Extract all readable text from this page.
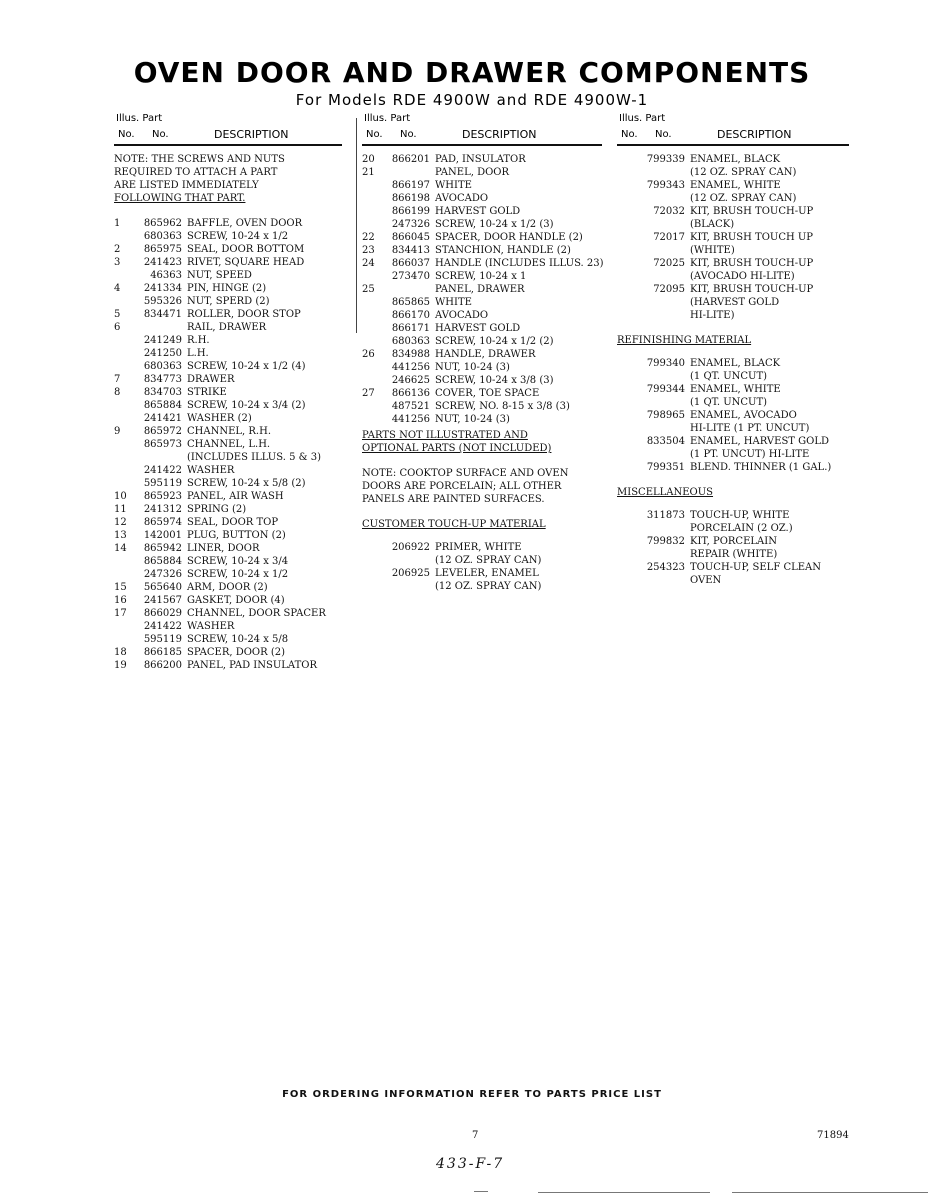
OVEN DOOR AND DRAWER COMPONENTS
For Models RDE 4900W and RDE 4900W-1
Illus. Part
No. No.	DESCRIPTION
NOTE: THE SCREWS AND NUTS
REQUIRED TO ATTACH A PART
ARE LISTED IMMEDIATELY
FOLLOWING THAT PART.
1	865962 BAFFLE, OVEN DOOR
680363 SCREW, 10-24 x 1/2
2	865975 SEAL, DOOR BOTTOM
3	241423 RIVET, SQUARE HEAD
46363 NUT, SPEED
4	241334 PIN, HINGE (2)
595326 NUT, SPERD (2)
5	834471 ROLLER, DOOR STOP
6	RAIL, DRAWER
241249 R.H.
241250 L.H.
680363 SCREW, 10-24 x 1/2 (4)
7	834773 DRAWER
8	834703 STRIKE
865884 SCREW, 10-24 x 3/4 (2)
241421 WASHER (2)
9	865972 CHANNEL, R.H.
865973 CHANNEL, L.H.
(INCLUDES ILLUS. 5 & 3)
241422 WASHER
595119 SCREW, 10-24 x 5/8 (2)
10	865923 PANEL, AIR WASH
11	241312 SPRING (2)
12	865974 SEAL, DOOR TOP
13	142001 PLUG, BUTTON (2)
14	865942 LINER, DOOR
865884 SCREW, 10-24 x 3/4
247326 SCREW, 10-24 x 1/2
15	565640 ARM, DOOR (2)
16	241567 GASKET, DOOR (4)
17	866029 CHANNEL, DOOR SPACER
241422 WASHER
595119 SCREW, 10-24 x 5/8
18	866185 SPACER, DOOR (2)
19	866200 PANEL, PAD INSULATOR
Illus. Part
No. No.	DESCRIPTION
20	866201 PAD, INSULATOR
21	PANEL, DOOR
866197 WHITE
866198 AVOCADO
866199 HARVEST GOLD
247326 SCREW, 10-24 x 1/2 (3)
22	866045 SPACER, DOOR HANDLE (2)
23	834413 STANCHION, HANDLE (2)
24	866037 HANDLE (INCLUDES ILLUS. 23)
273470 SCREW, 10-24 x 1
25	PANEL, DRAWER
865865 WHITE
866170 AVOCADO
866171 HARVEST GOLD
680363 SCREW, 10-24 x 1/2 (2)
26	834988 HANDLE, DRAWER
441256 NUT, 10-24 (3)
246625 SCREW, 10-24 x 3/8 (3)
27	866136 COVER, TOE SPACE
487521 SCREW, NO. 8-15 x 3/8 (3)
441256 NUT, 10-24 (3)
PARTS NOT ILLUSTRATED AND
OPTIONAL PARTS (NOT INCLUDED)
NOTE: COOKTOP SURFACE AND OVEN
DOORS ARE PORCELAIN; ALL OTHER
PANELS ARE PAINTED SURFACES.
CUSTOMER TOUCH-UP MATERIAL
206922 PRIMER, WHITE
(12 OZ. SPRAY CAN)
206925 LEVELER, ENAMEL
(12 OZ. SPRAY CAN)
Illus. Part
No. No.	DESCRIPTION
799339 ENAMEL, BLACK
(12 OZ. SPRAY CAN)
799343 ENAMEL, WHITE
(12 OZ. SPRAY CAN)
72032 KIT, BRUSH TOUCH-UP
(BLACK)
72017 KIT, BRUSH TOUCH UP
(WHITE)
72025 KIT, BRUSH TOUCH-UP
(AVOCADO HI-LITE)
72095 KIT, BRUSH TOUCH-UP
(HARVEST GOLD
HI-LITE)
REFINISHING MATERIAL
799340 ENAMEL, BLACK
(1 QT. UNCUT)
799344 ENAMEL, WHITE
(1 QT. UNCUT)
798965 ENAMEL, AVOCADO
HI-LITE (1 PT. UNCUT)
833504 ENAMEL, HARVEST GOLD
(1 PT. UNCUT) HI-LITE
799351 BLEND. THINNER (1 GAL.)
MISCELLANEOUS
311873 TOUCH-UP, WHITE
PORCELAIN (2 OZ.)
799832 KIT, PORCELAIN
REPAIR (WHITE)
254323 TOUCH-UP, SELF CLEAN
OVEN
FOR ORDERING INFORMATION REFER TO PARTS PRICE LIST
7	71894
433-F-7
